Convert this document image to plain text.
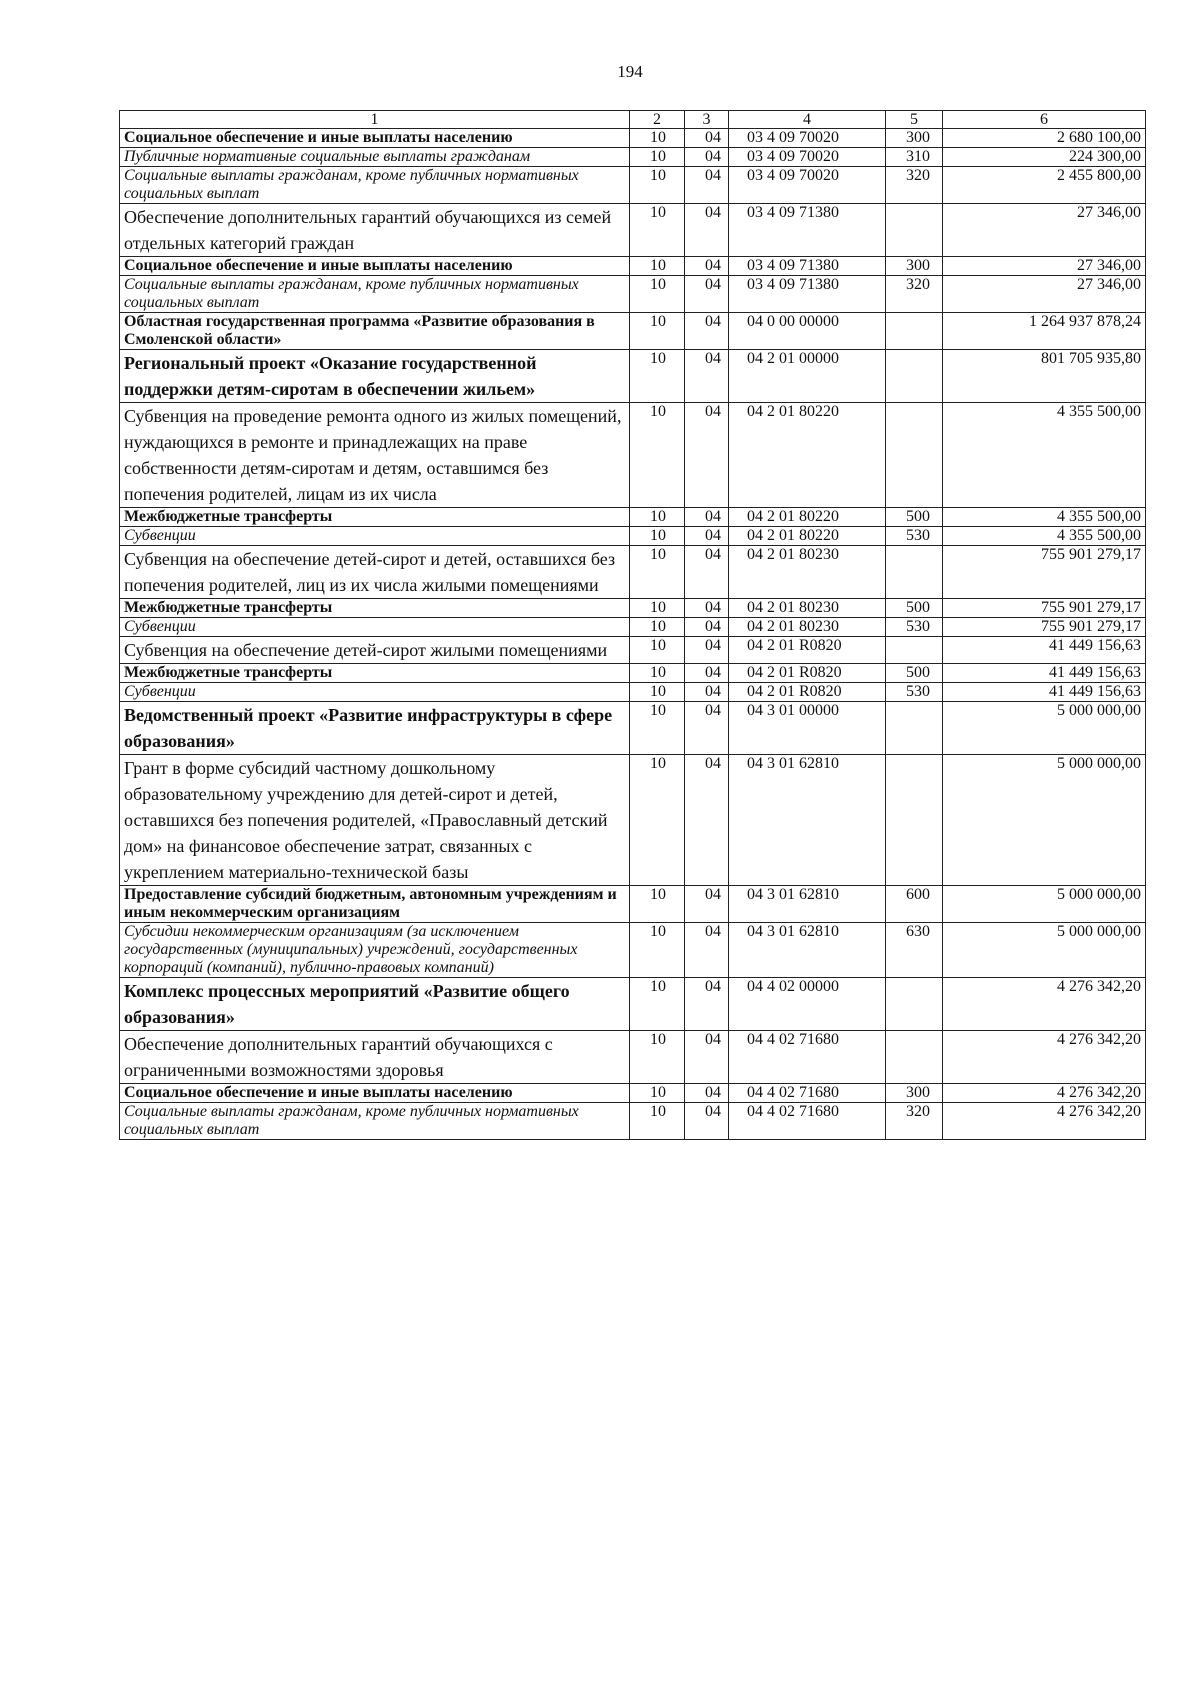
194
1	2	3	4	5	6
Социальное обеспечение и иные выплаты населению	10	04	03 4 09 70020	300	2 680 100,00
Публичные нормативные социальные выплаты гражданам	10	04	03 4 09 70020	310	224 300,00
Социальные выплаты гражданам, кроме публичных нормативных социальных выплат	10	04	03 4 09 70020	320	2 455 800,00
Обеспечение дополнительных гарантий обучающихся из семей отдельных категорий граждан	10	04	03 4 09 71380		27 346,00
Социальное обеспечение и иные выплаты населению	10	04	03 4 09 71380	300	27 346,00
Социальные выплаты гражданам, кроме публичных нормативных социальных выплат	10	04	03 4 09 71380	320	27 346,00
Областная государственная программа «Развитие образования в Смоленской области»	10	04	04 0 00 00000		1 264 937 878,24
Региональный проект «Оказание государственной поддержки детям-сиротам в обеспечении жильем»	10	04	04 2 01 00000		801 705 935,80
Субвенция на проведение ремонта одного из жилых помещений, нуждающихся в ремонте и принадлежащих на праве собственности детям-сиротам и детям, оставшимся без попечения родителей, лицам из их числа	10	04	04 2 01 80220		4 355 500,00
Межбюджетные трансферты	10	04	04 2 01 80220	500	4 355 500,00
Субвенции	10	04	04 2 01 80220	530	4 355 500,00
Субвенция на обеспечение детей-сирот и детей, оставшихся без попечения родителей, лиц из их числа жилыми помещениями	10	04	04 2 01 80230		755 901 279,17
Межбюджетные трансферты	10	04	04 2 01 80230	500	755 901 279,17
Субвенции	10	04	04 2 01 80230	530	755 901 279,17
Субвенция на обеспечение детей-сирот жилыми помещениями	10	04	04 2 01 R0820		41 449 156,63
Межбюджетные трансферты	10	04	04 2 01 R0820	500	41 449 156,63
Субвенции	10	04	04 2 01 R0820	530	41 449 156,63
Ведомственный проект «Развитие инфраструктуры в сфере образования»	10	04	04 3 01 00000		5 000 000,00
Грант в форме субсидий частному дошкольному образовательному учреждению для детей-сирот и детей, оставшихся без попечения родителей, «Православный детский дом» на финансовое обеспечение затрат, связанных с укреплением материально-технической базы	10	04	04 3 01 62810		5 000 000,00
Предоставление субсидий бюджетным, автономным учреждениям и иным некоммерческим организациям	10	04	04 3 01 62810	600	5 000 000,00
Субсидии некоммерческим организациям (за исключением государственных (муниципальных) учреждений, государственных корпораций (компаний), публично-правовых компаний)	10	04	04 3 01 62810	630	5 000 000,00
Комплекс процессных мероприятий «Развитие общего образования»	10	04	04 4 02 00000		4 276 342,20
Обеспечение дополнительных гарантий обучающихся с ограниченными возможностями здоровья	10	04	04 4 02 71680		4 276 342,20
Социальное обеспечение и иные выплаты населению	10	04	04 4 02 71680	300	4 276 342,20
Социальные выплаты гражданам, кроме публичных нормативных социальных выплат	10	04	04 4 02 71680	320	4 276 342,20
